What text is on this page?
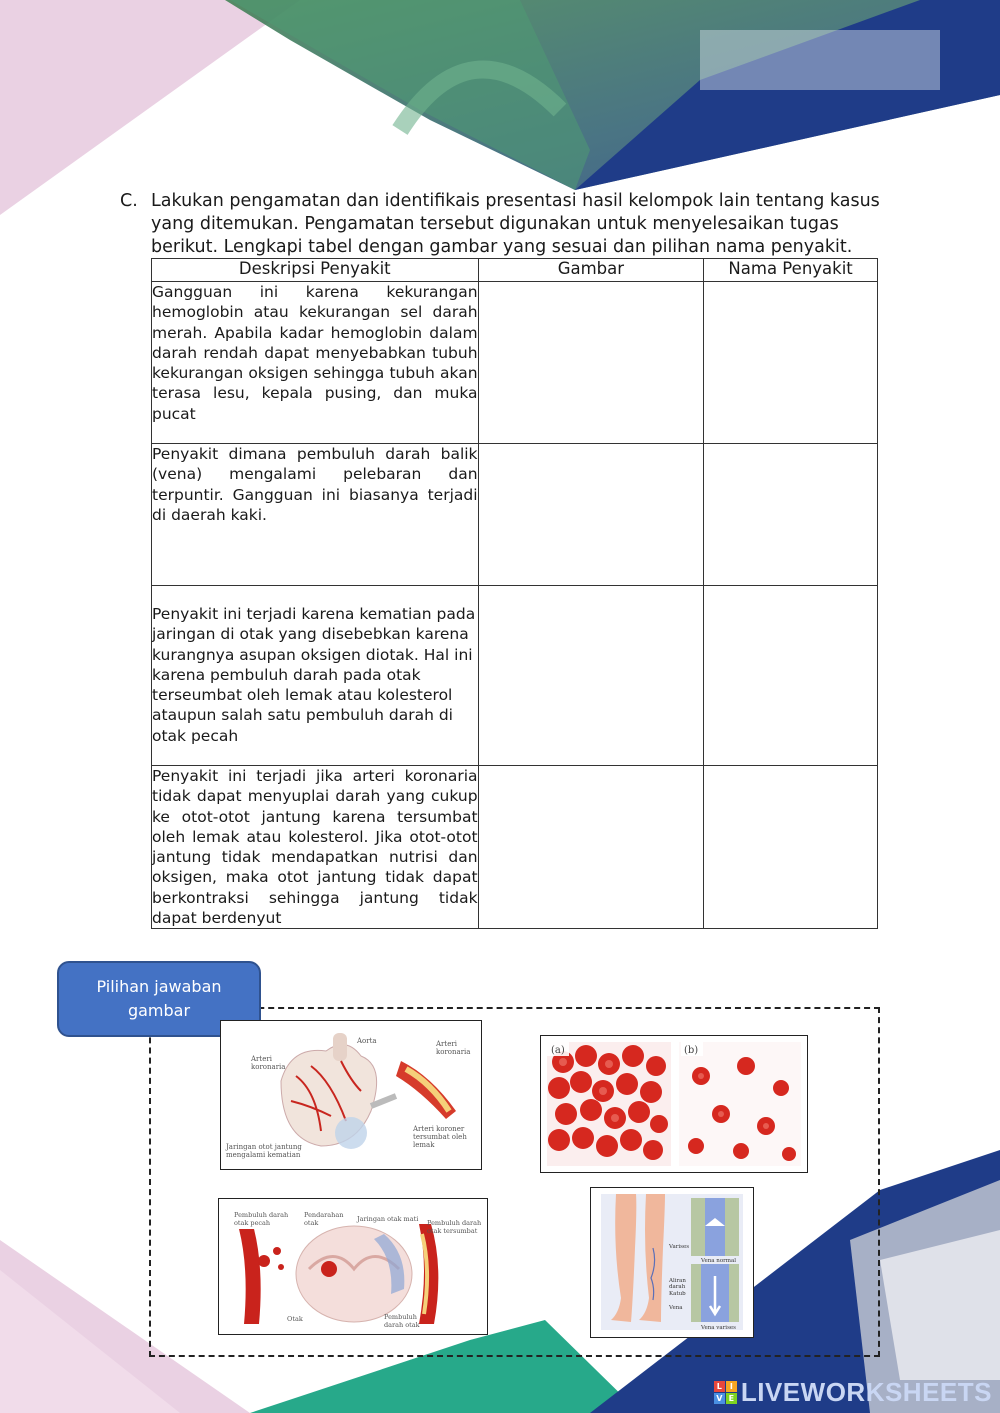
C. Lakukan pengamatan dan identifikais presentasi hasil kelompok lain tentang kasus yang ditemukan. Pengamatan tersebut digunakan untuk menyelesaikan tugas berikut. Lengkapi tabel dengan gambar yang sesuai dan pilihan nama penyakit.
Deskripsi Penyakit	Gambar	Nama Penyakit
Gangguan ini karena kekurangan hemoglobin atau kekurangan sel darah merah. Apabila kadar hemoglobin dalam darah rendah dapat menyebabkan tubuh kekurangan oksigen sehingga tubuh akan terasa lesu, kepala pusing, dan muka pucat		
Penyakit dimana pembuluh darah balik (vena) mengalami pelebaran dan terpuntir. Gangguan ini biasanya terjadi di daerah kaki.		
Penyakit ini terjadi karena kematian pada jaringan di otak yang disebebkan karena kurangnya asupan oksigen diotak. Hal ini karena pembuluh darah pada otak terseumbat oleh lemak atau kolesterol ataupun salah satu pembuluh darah di otak pecah		
Penyakit ini terjadi jika arteri koronaria tidak dapat menyuplai darah yang cukup ke otot-otot jantung karena tersumbat oleh lemak atau kolesterol. Jika otot-otot jantung tidak mendapatkan nutrisi dan oksigen, maka otot jantung tidak dapat berkontraksi sehingga jantung tidak dapat berdenyut		
Pilihan jawaban
gambar
Aorta
Arteri
koronaria
Arteri
koronaria
Jaringan otot jantung
mengalami kematian
Arteri koroner
tersumbat oleh
lemak
(a)	(b)
Pembuluh darah
otak pecah
Pendarahan
otak	Jaringan otak mati Pembuluh darah
otak tersumbat
Otak	Pembuluh
darah otak
Varises
Vena normal
Aliran
darah
Katub
Vena
Vena varises
L I
V E LIVEWORKSHEETS
